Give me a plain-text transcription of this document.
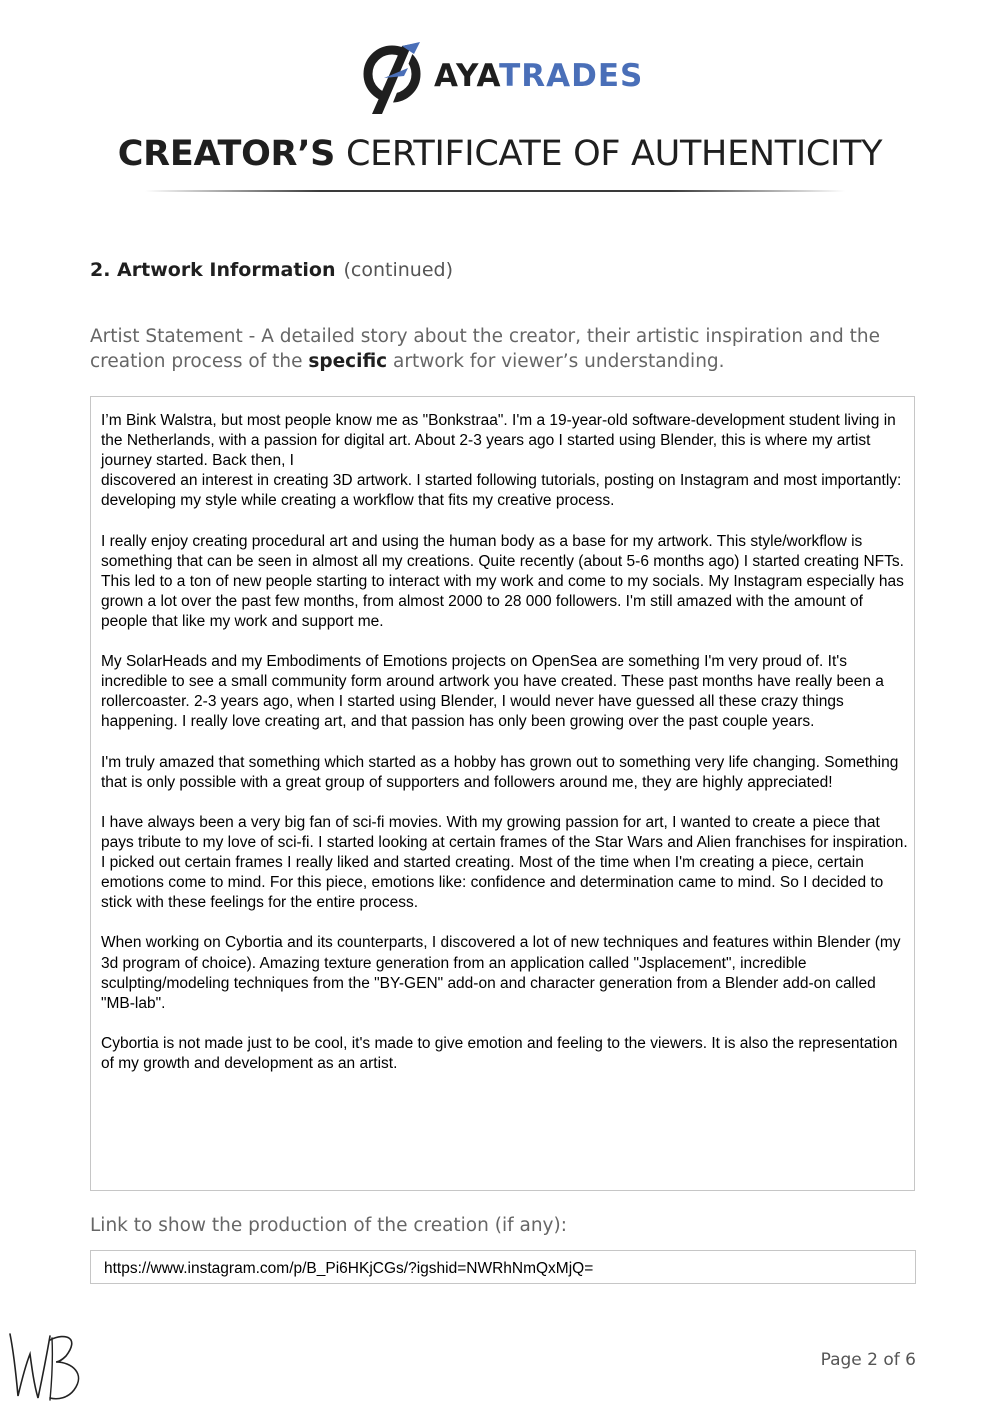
AYATRADES
CREATOR’S CERTIFICATE OF AUTHENTICITY
2. Artwork Information (continued)
Artist Statement - A detailed story about the creator, their artistic inspiration and the creation process of the specific artwork for viewer’s understanding.
I’m Bink Walstra, but most people know me as "Bonkstraa". I'm a 19-year-old software-development student living in the Netherlands, with a passion for digital art. About 2-3 years ago I started using Blender, this is where my artist journey started. Back then, I

discovered an interest in creating 3D artwork. I started following tutorials, posting on Instagram and most importantly: developing my style while creating a workflow that fits my creative process.

I really enjoy creating procedural art and using the human body as a base for my artwork. This style/workflow is something that can be seen in almost all my creations. Quite recently (about 5-6 months ago) I started creating NFTs. This led to a ton of new people starting to interact with my work and come to my socials. My Instagram especially has grown a lot over the past few months, from almost 2000 to 28 000 followers. I'm still amazed with the amount of people that like my work and support me.

My SolarHeads and my Embodiments of Emotions projects on OpenSea are something I'm very proud of. It's incredible to see a small community form around artwork you have created. These past months have really been a rollercoaster. 2-3 years ago, when I started using Blender, I would never have guessed all these crazy things happening. I really love creating art, and that passion has only been growing over the past couple years.

I'm truly amazed that something which started as a hobby has grown out to something very life changing. Something that is only possible with a great group of supporters and followers around me, they are highly appreciated!

I have always been a very big fan of sci-fi movies. With my growing passion for art, I wanted to create a piece that pays tribute to my love of sci-fi. I started looking at certain frames of the Star Wars and Alien franchises for inspiration. I picked out certain frames I really liked and started creating. Most of the time when I'm creating a piece, certain emotions come to mind. For this piece, emotions like: confidence and determination came to mind. So I decided to stick with these feelings for the entire process.

When working on Cybortia and its counterparts, I discovered a lot of new techniques and features within Blender (my 3d program of choice). Amazing texture generation from an application called "Jsplacement", incredible sculpting/modeling techniques from the "BY-GEN" add-on and character generation from a Blender add-on called "MB-lab".

Cybortia is not made just to be cool, it's made to give emotion and feeling to the viewers. It is also the representation of my growth and development as an artist.

Link to show the production of the creation (if any):
https://www.instagram.com/p/B_Pi6HKjCGs/?igshid=NWRhNmQxMjQ=
Page 2 of 6
